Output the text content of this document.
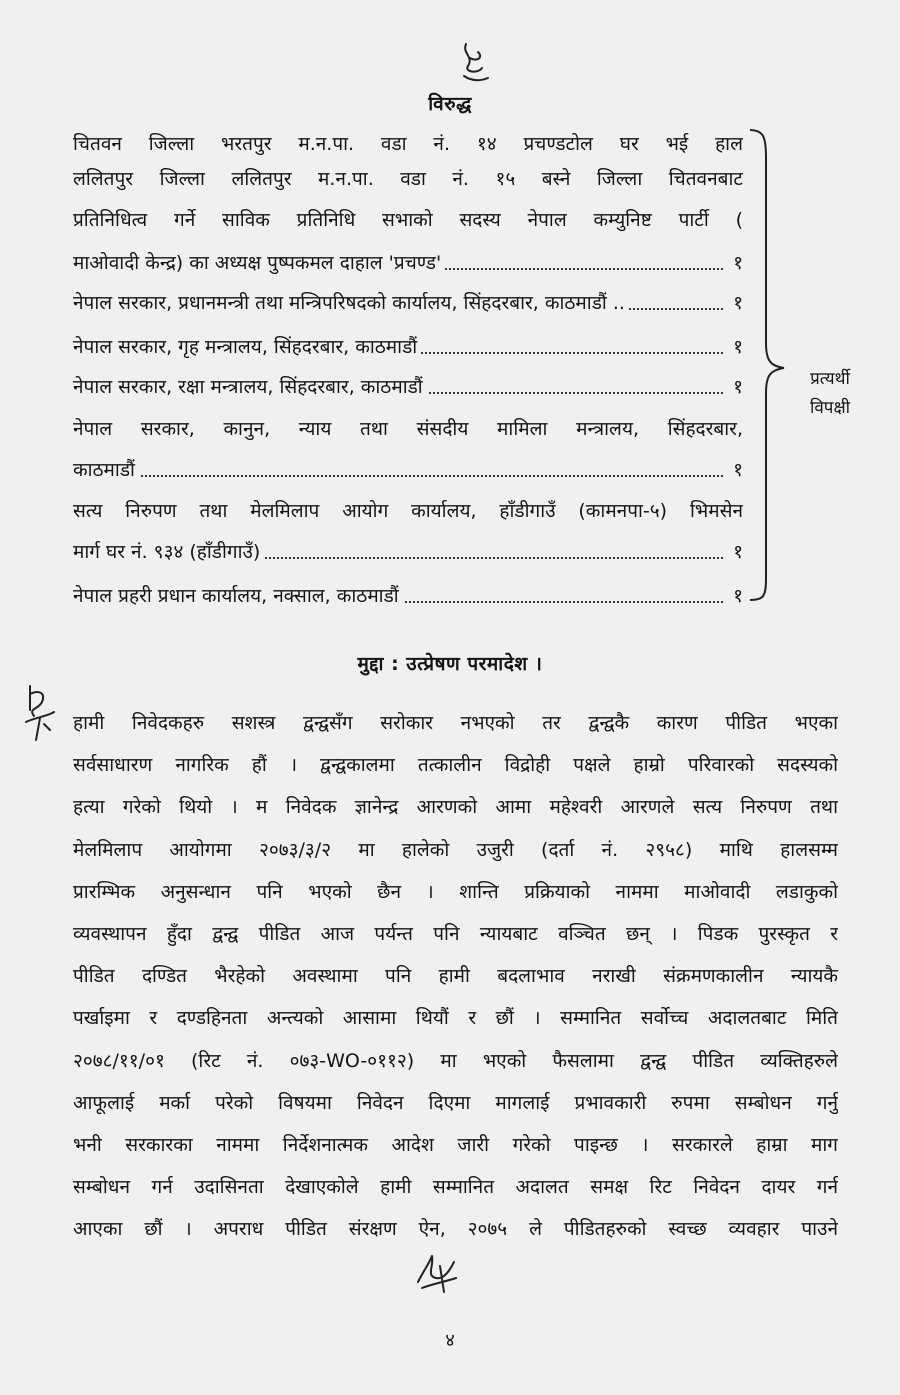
विरुद्ध
चितवन जिल्ला भरतपुर म.न.पा. वडा नं. १४ प्रचण्डटोल घर भई हाल
ललितपुर जिल्ला ललितपुर म.न.पा. वडा नं. १५ बस्ने जिल्ला चितवनबाट
प्रतिनिधित्व गर्ने साविक प्रतिनिधि सभाको सदस्य नेपाल कम्युनिष्ट पार्टी (
माओवादी केन्द्र) का अध्यक्ष पुष्पकमल दाहाल 'प्रचण्ड'	१
नेपाल सरकार, प्रधानमन्त्री तथा मन्त्रिपरिषदको कार्यालय, सिंहदरबार, काठमाडौं ..	१
नेपाल सरकार, गृह मन्त्रालय, सिंहदरबार, काठमाडौं	१
नेपाल सरकार, रक्षा मन्त्रालय, सिंहदरबार, काठमाडौं	१
नेपाल सरकार, कानुन, न्याय तथा संसदीय मामिला मन्त्रालय, सिंहदरबार,
काठमाडौं	१
सत्य निरुपण तथा मेलमिलाप आयोग कार्यालय, हाँडीगाउँ (कामनपा-५) भिमसेन
मार्ग घर नं. ९३४ (हाँडीगाउँ)	१
नेपाल प्रहरी प्रधान कार्यालय, नक्साल, काठमाडौं	१
प्रत्यर्थी
विपक्षी
मुद्दा : उत्प्रेषण परमादेश ।
हामी निवेदकहरु सशस्त्र द्वन्द्वसँग सरोकार नभएको तर द्वन्द्वकै कारण पीडित भएका
सर्वसाधारण नागरिक हौं । द्वन्द्वकालमा तत्कालीन विद्रोही पक्षले हाम्रो परिवारको सदस्यको
हत्या गरेको थियो । म निवेदक ज्ञानेन्द्र आरणको आमा महेश्वरी आरणले सत्य निरुपण तथा
मेलमिलाप आयोगमा २०७३/३/२ मा हालेको उजुरी (दर्ता नं. २९५८) माथि हालसम्म
प्रारम्भिक अनुसन्धान पनि भएको छैन । शान्ति प्रक्रियाको नाममा माओवादी लडाकुको
व्यवस्थापन हुँदा द्वन्द्व पीडित आज पर्यन्त पनि न्यायबाट वञ्चित छन् । पिडक पुरस्कृत र
पीडित दण्डित भैरहेको अवस्थामा पनि हामी बदलाभाव नराखी संक्रमणकालीन न्यायकै
पर्खाइमा र दण्डहिनता अन्त्यको आसामा थियौं र छौं । सम्मानित सर्वोच्च अदालतबाट मिति
२०७८/११/०१ (रिट नं. ०७३-WO-०११२) मा भएको फैसलामा द्वन्द्व पीडित व्यक्तिहरुले
आफूलाई मर्का परेको विषयमा निवेदन दिएमा मागलाई प्रभावकारी रुपमा सम्बोधन गर्नु
भनी सरकारका नाममा निर्देशनात्मक आदेश जारी गरेको पाइन्छ । सरकारले हाम्रा माग
सम्बोधन गर्न उदासिनता देखाएकोले हामी सम्मानित अदालत समक्ष रिट निवेदन दायर गर्न
आएका छौं । अपराध पीडित संरक्षण ऐन, २०७५ ले पीडितहरुको स्वच्छ व्यवहार पाउने
४
